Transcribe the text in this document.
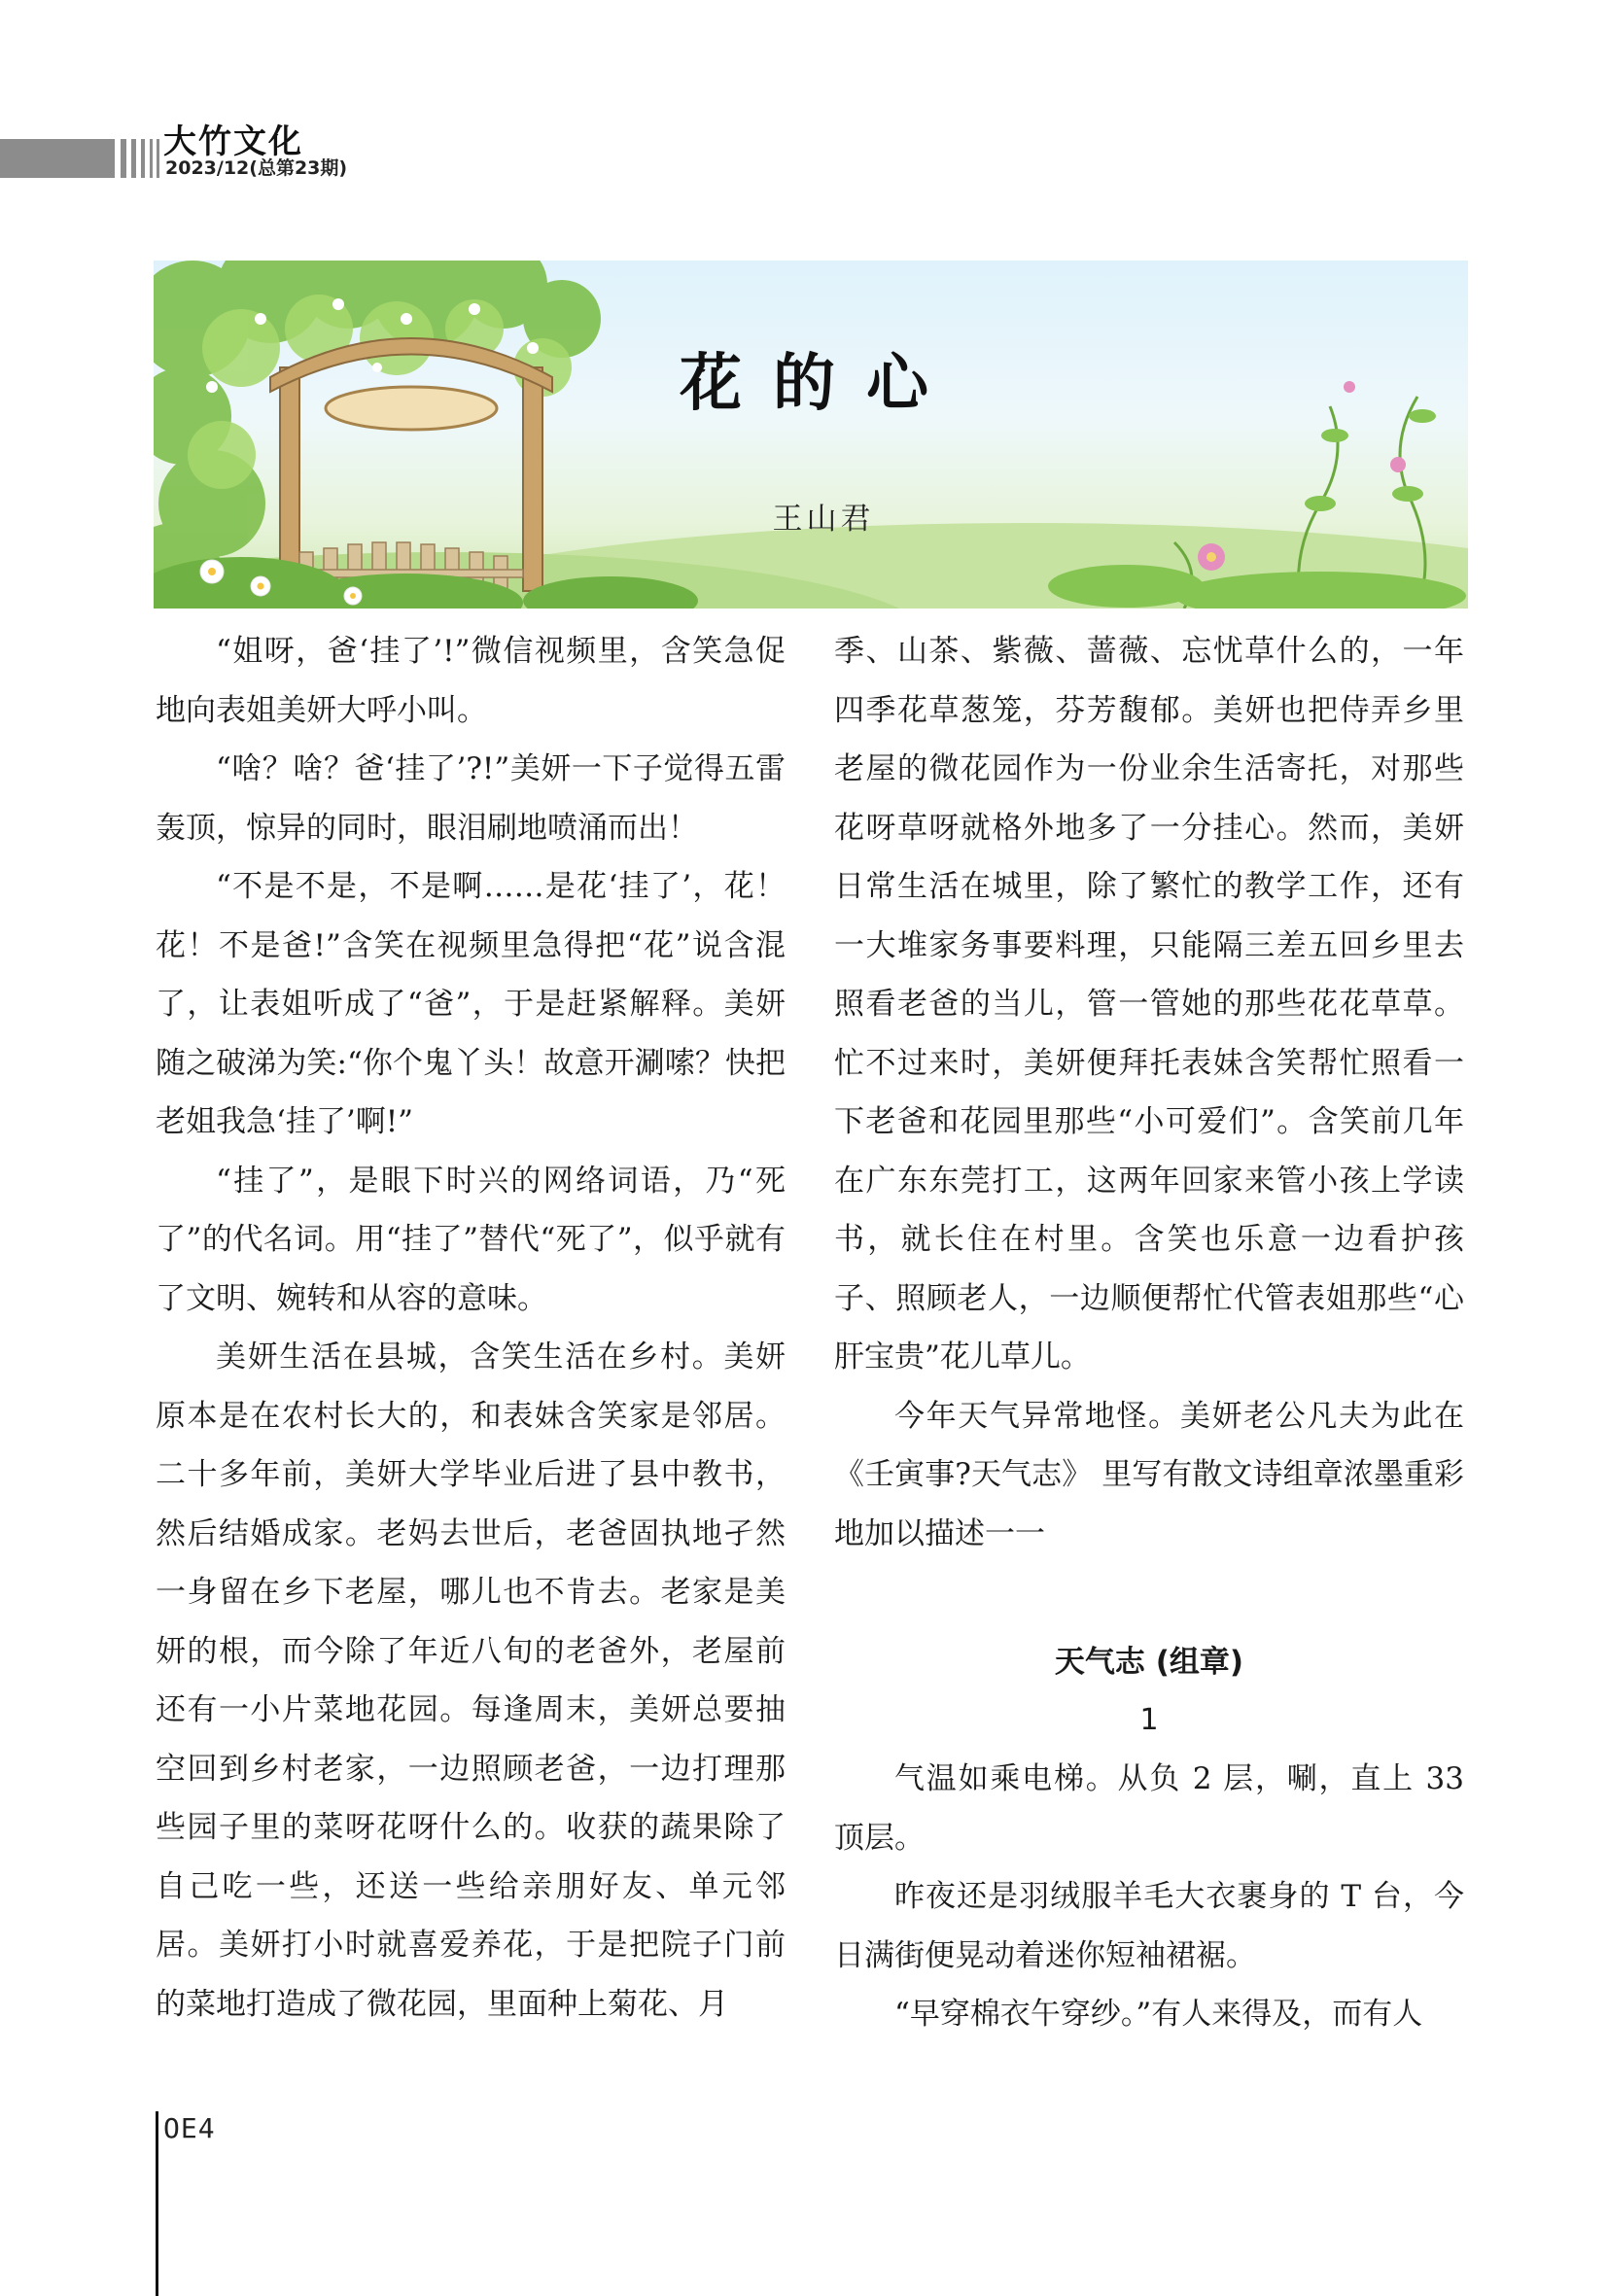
大竹文化
2023/12(总第23期)
花的心
王山君

“姐呀，爸‘挂了’!”微信视频里，含笑急促地向表姐美妍大呼小叫。

“啥？啥？爸‘挂了’?!”美妍一下子觉得五雷轰顶，惊异的同时，眼泪刷地喷涌而出！

“不是不是，不是啊……是花‘挂了’，花！花！不是爸!”含笑在视频里急得把“花”说含混了，让表姐听成了“爸”，于是赶紧解释。美妍随之破涕为笑:“你个鬼丫头！故意开涮嗦？快把老姐我急‘挂了’啊!”

“挂了”，是眼下时兴的网络词语，乃“死了”的代名词。用“挂了”替代“死了”，似乎就有了文明、婉转和从容的意味。

美妍生活在县城，含笑生活在乡村。美妍原本是在农村长大的，和表妹含笑家是邻居。二十多年前，美妍大学毕业后进了县中教书，然后结婚成家。老妈去世后，老爸固执地孑然一身留在乡下老屋，哪儿也不肯去。老家是美妍的根，而今除了年近八旬的老爸外，老屋前还有一小片菜地花园。每逢周末，美妍总要抽空回到乡村老家，一边照顾老爸，一边打理那些园子里的菜呀花呀什么的。收获的蔬果除了自己吃一些，还送一些给亲朋好友、单元邻居。美妍打小时就喜爱养花，于是把院子门前的菜地打造成了微花园，里面种上菊花、月

季、山茶、紫薇、蔷薇、忘忧草什么的，一年四季花草葱笼，芬芳馥郁。美妍也把侍弄乡里老屋的微花园作为一份业余生活寄托，对那些花呀草呀就格外地多了一分挂心。然而，美妍日常生活在城里，除了繁忙的教学工作，还有一大堆家务事要料理，只能隔三差五回乡里去照看老爸的当儿，管一管她的那些花花草草。忙不过来时，美妍便拜托表妹含笑帮忙照看一下老爸和花园里那些“小可爱们”。含笑前几年在广东东莞打工，这两年回家来管小孩上学读书，就长住在村里。含笑也乐意一边看护孩子、照顾老人，一边顺便帮忙代管表姐那些“心肝宝贵”花儿草儿。

今年天气异常地怪。美妍老公凡夫为此在《壬寅事?天气志》 里写有散文诗组章浓墨重彩地加以描述一一

天气志 (组章)
1

气温如乘电梯。从负 2 层，唰，直上 33 顶层。

昨夜还是羽绒服羊毛大衣裹身的 T 台，今日满街便晃动着迷你短袖裙裾。

“早穿棉衣午穿纱。”有人来得及，而有人

OE4
